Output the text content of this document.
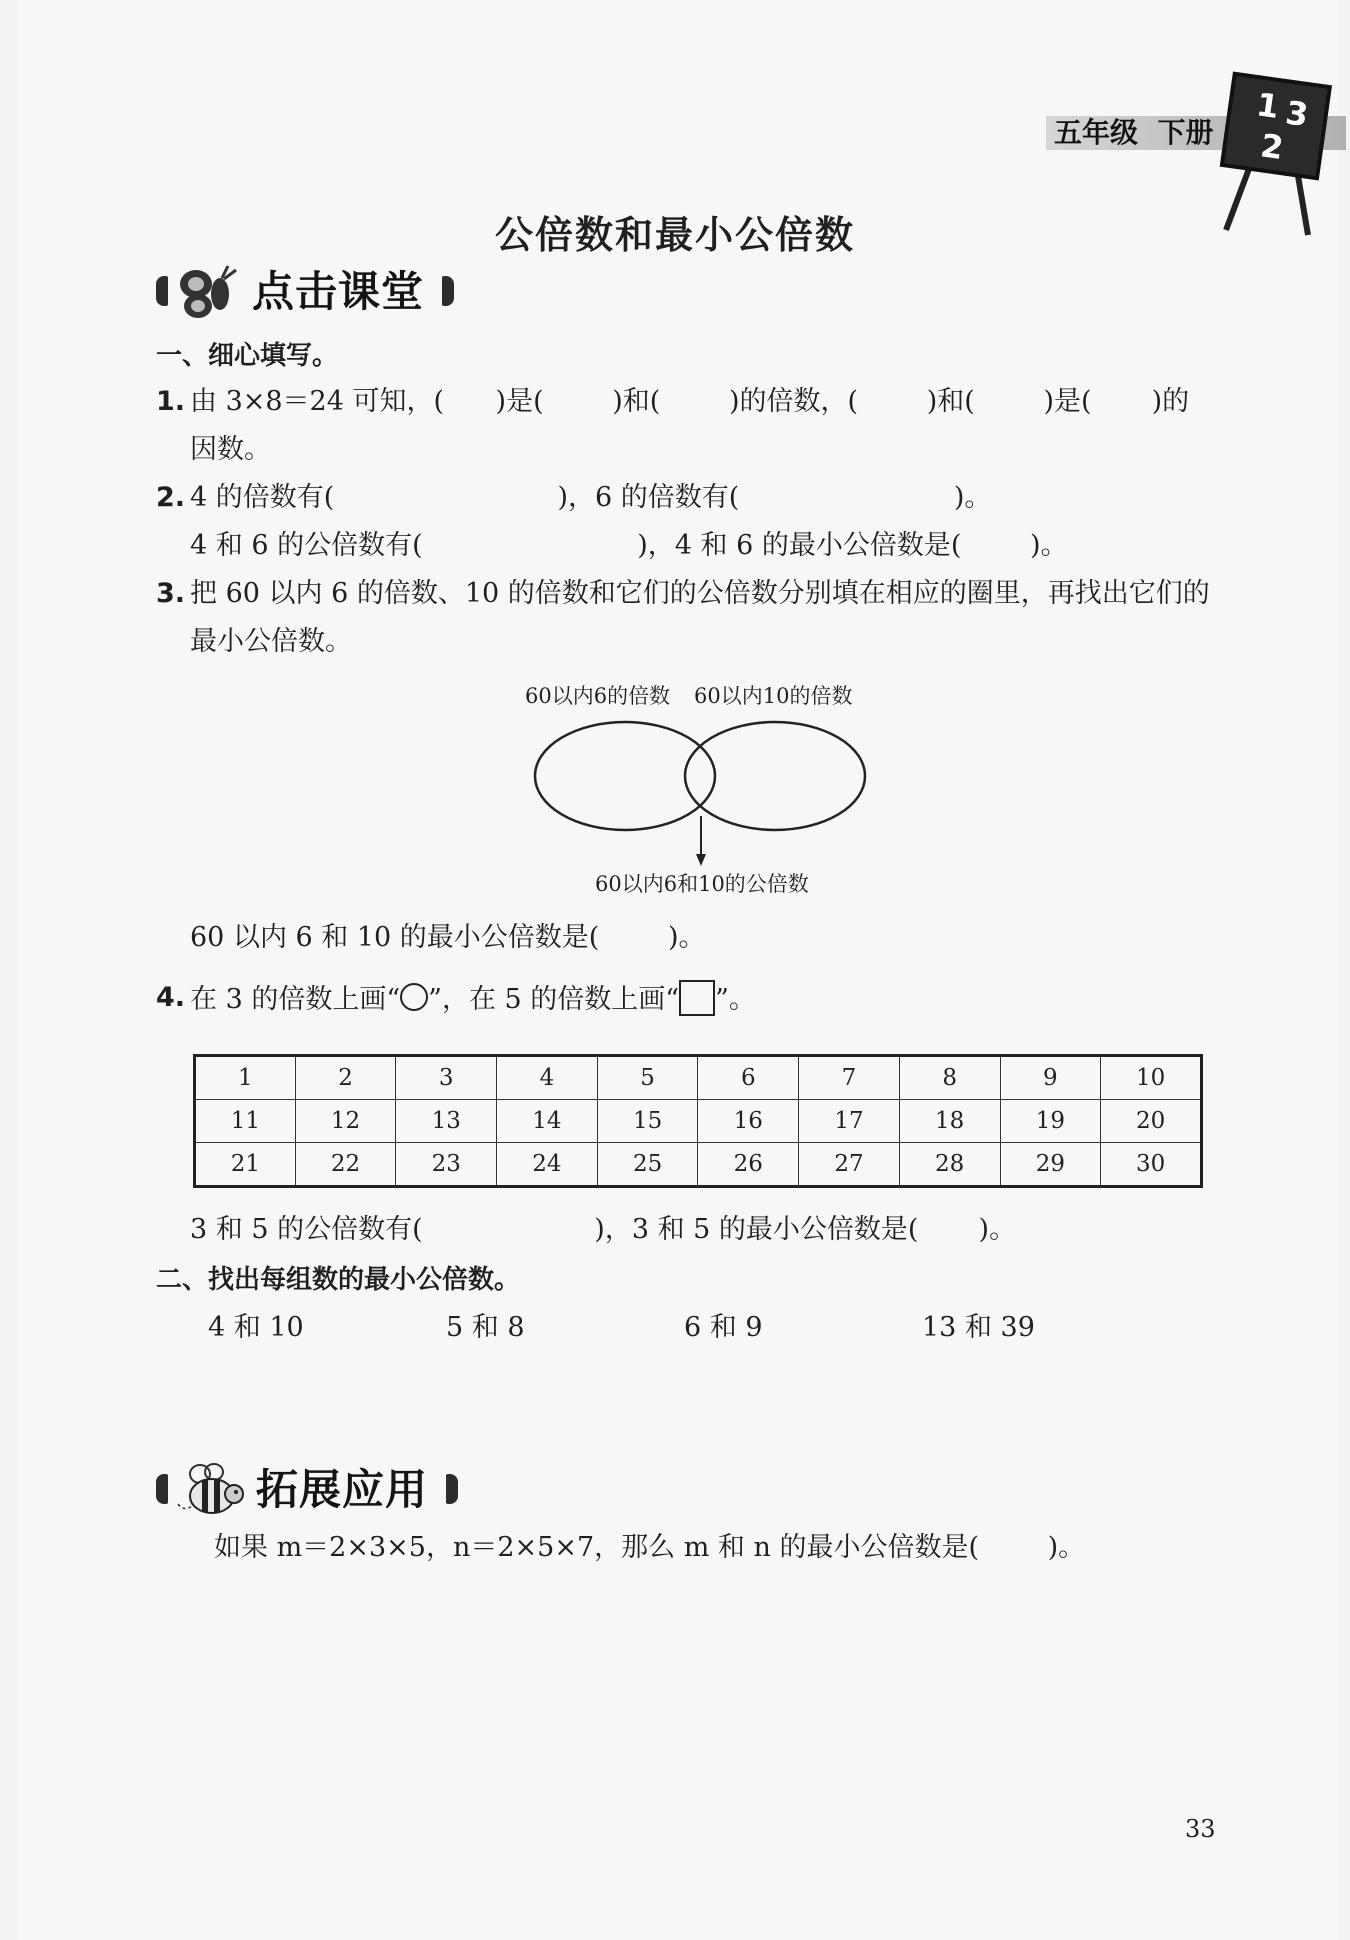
五年级 下册
1 3
2
公倍数和最小公倍数
点击课堂
一、细心填写。
1. 由 3×8＝24 可知，(      )是(        )和(        )的倍数，(        )和(        )是(       )的
因数。
2. 4 的倍数有(                          )，6 的倍数有(                         )。
4 和 6 的公倍数有(                         )，4 和 6 的最小公倍数是(        )。
3. 把 60 以内 6 的倍数、10 的倍数和它们的公倍数分别填在相应的圈里，再找出它们的
最小公倍数。
60以内6的倍数 60以内10的倍数
60以内6和10的公倍数
60 以内 6 和 10 的最小公倍数是(        )。
4. 在 3 的倍数上画“ ”，在 5 的倍数上画“ ”。
1	2	3	4	5	6	7	8	9	10
11	12	13	14	15	16	17	18	19	20
21	22	23	24	25	26	27	28	29	30
3 和 5 的公倍数有(                    )，3 和 5 的最小公倍数是(       )。
二、找出每组数的最小公倍数。
4 和 10	5 和 8	6 和 9	13 和 39
拓展应用
如果 m＝2×3×5，n＝2×5×7，那么 m 和 n 的最小公倍数是(        )。
33
